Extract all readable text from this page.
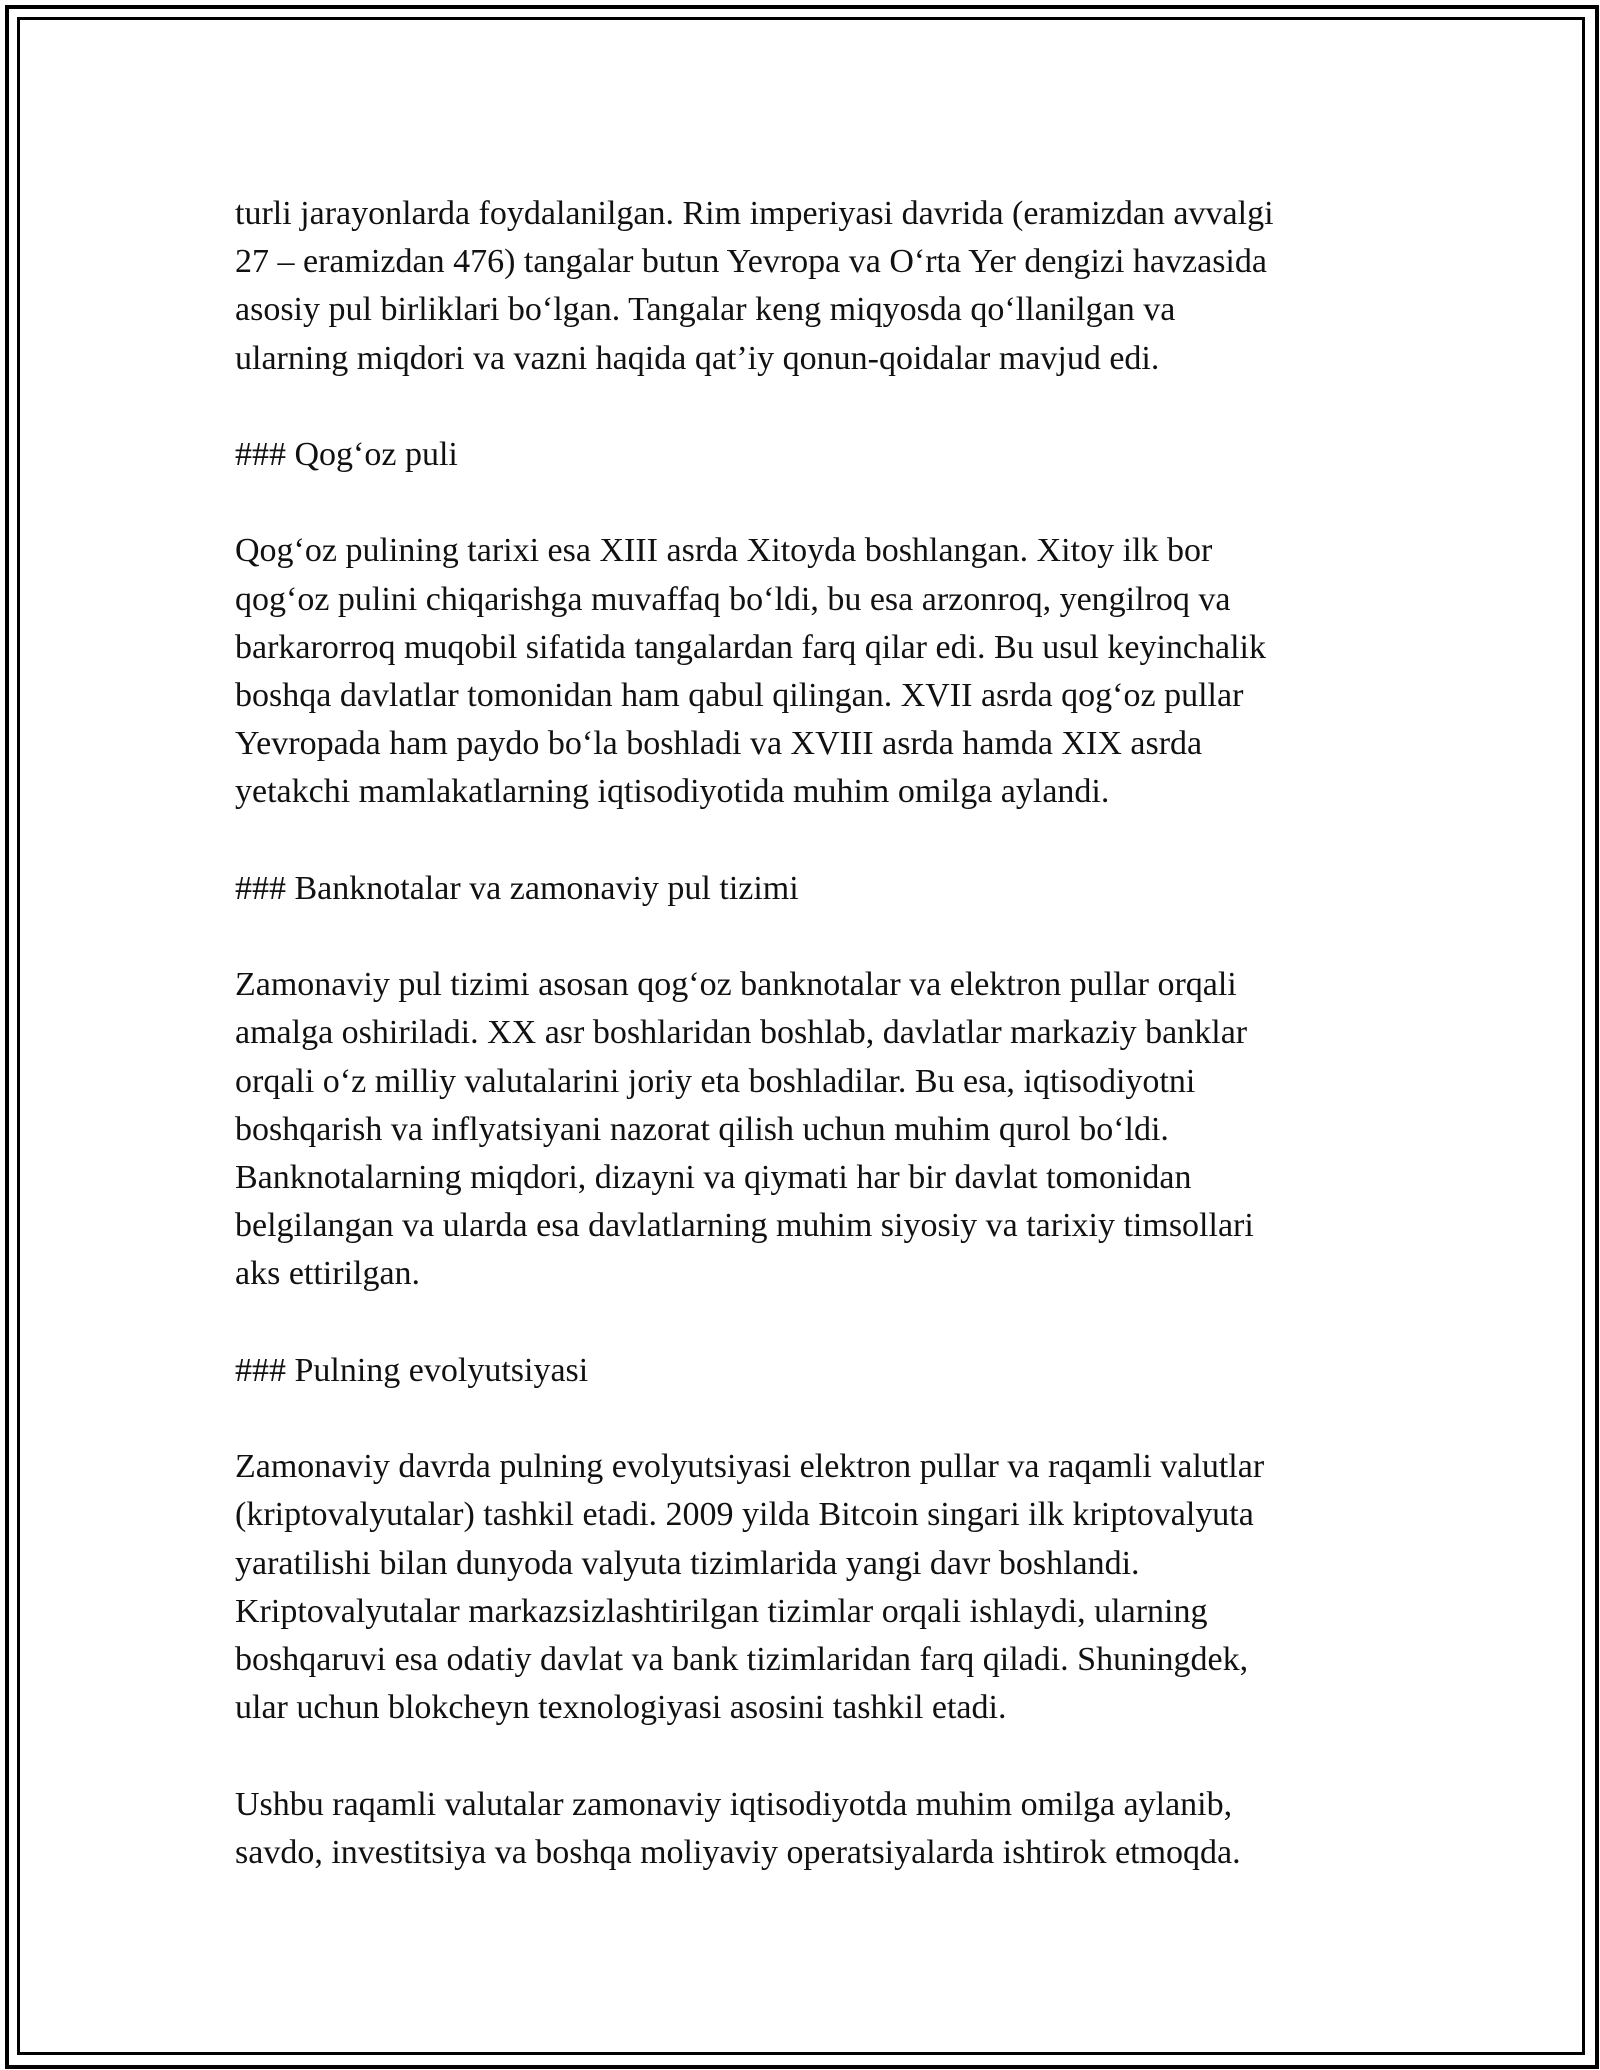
turli jarayonlarda foydalanilgan. Rim imperiyasi davrida (eramizdan avvalgi
27 – eramizdan 476) tangalar butun Yevropa va O‘rta Yer dengizi havzasida
asosiy pul birliklari bo‘lgan. Tangalar keng miqyosda qo‘llanilgan va
ularning miqdori va vazni haqida qat’iy qonun-qoidalar mavjud edi.

### Qog‘oz puli

Qog‘oz pulining tarixi esa XIII asrda Xitoyda boshlangan. Xitoy ilk bor
qog‘oz pulini chiqarishga muvaffaq bo‘ldi, bu esa arzonroq, yengilroq va
barkarorroq muqobil sifatida tangalardan farq qilar edi. Bu usul keyinchalik
boshqa davlatlar tomonidan ham qabul qilingan. XVII asrda qog‘oz pullar
Yevropada ham paydo bo‘la boshladi va XVIII asrda hamda XIX asrda
yetakchi mamlakatlarning iqtisodiyotida muhim omilga aylandi.

### Banknotalar va zamonaviy pul tizimi

Zamonaviy pul tizimi asosan qog‘oz banknotalar va elektron pullar orqali
amalga oshiriladi. XX asr boshlaridan boshlab, davlatlar markaziy banklar
orqali o‘z milliy valutalarini joriy eta boshladilar. Bu esa, iqtisodiyotni
boshqarish va inflyatsiyani nazorat qilish uchun muhim qurol bo‘ldi.
Banknotalarning miqdori, dizayni va qiymati har bir davlat tomonidan
belgilangan va ularda esa davlatlarning muhim siyosiy va tarixiy timsollari
aks ettirilgan.

### Pulning evolyutsiyasi

Zamonaviy davrda pulning evolyutsiyasi elektron pullar va raqamli valutlar
(kriptovalyutalar) tashkil etadi. 2009 yilda Bitcoin singari ilk kriptovalyuta
yaratilishi bilan dunyoda valyuta tizimlarida yangi davr boshlandi.
Kriptovalyutalar markazsizlashtirilgan tizimlar orqali ishlaydi, ularning
boshqaruvi esa odatiy davlat va bank tizimlaridan farq qiladi. Shuningdek,
ular uchun blokcheyn texnologiyasi asosini tashkil etadi.

Ushbu raqamli valutalar zamonaviy iqtisodiyotda muhim omilga aylanib,
savdo, investitsiya va boshqa moliyaviy operatsiyalarda ishtirok etmoqda.
